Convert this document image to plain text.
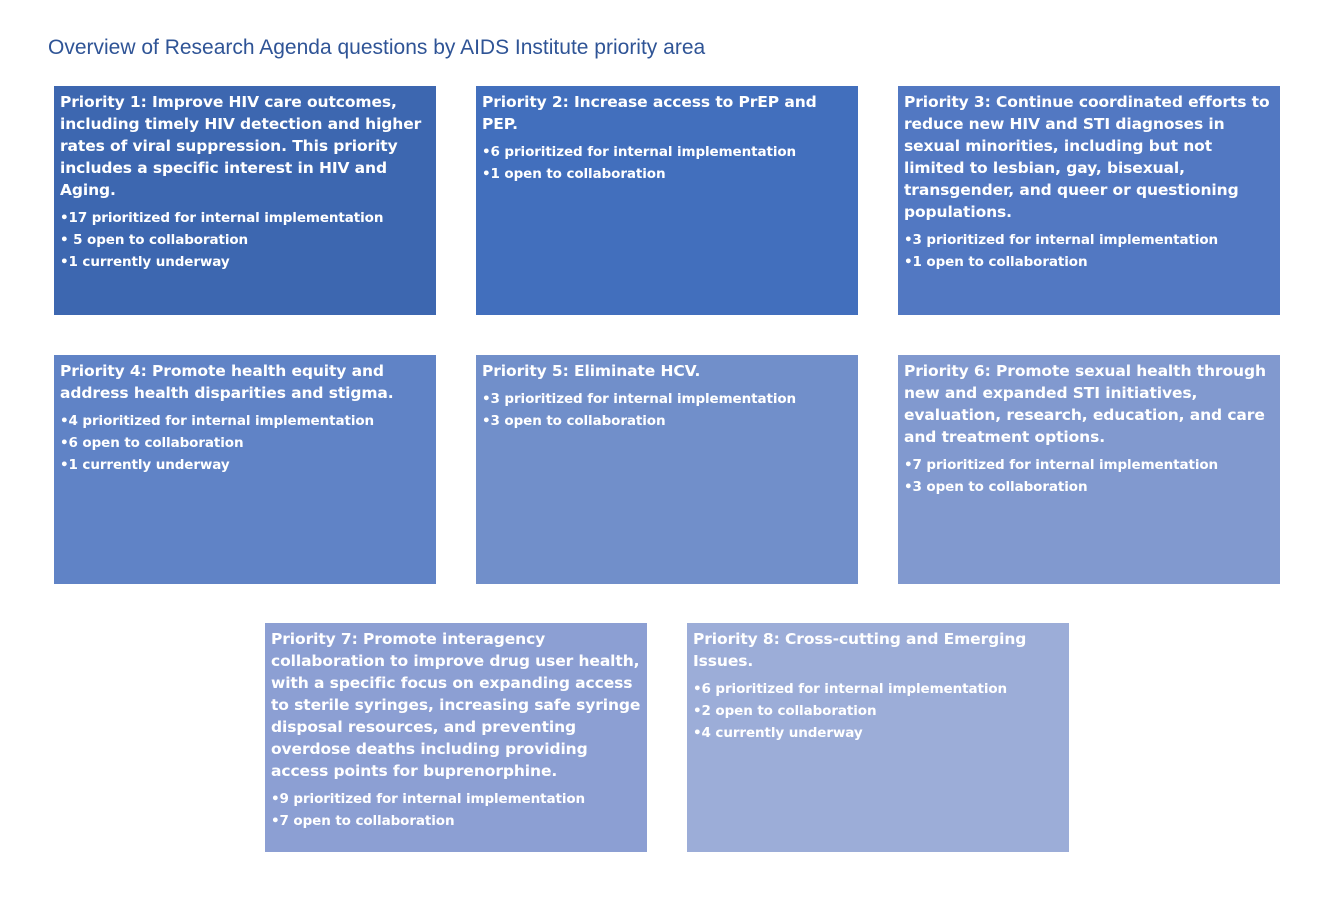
Overview of Research Agenda questions by AIDS Institute priority area
Priority 1: Improve HIV care outcomes, including timely HIV detection and higher rates of viral suppression. This priority includes a specific interest in HIV and Aging.
• 17 prioritized for internal implementation
• 5 open to collaboration
• 1 currently underway
Priority 2: Increase access to PrEP and PEP.
• 6 prioritized for internal implementation
• 1 open to collaboration
Priority 3: Continue coordinated efforts to reduce new HIV and STI diagnoses in sexual minorities, including but not limited to lesbian, gay, bisexual, transgender, and queer or questioning populations.
• 3 prioritized for internal implementation
• 1 open to collaboration
Priority 4: Promote health equity and address health disparities and stigma.
• 4 prioritized for internal implementation
• 6 open to collaboration
• 1 currently underway
Priority 5: Eliminate HCV.
• 3 prioritized for internal implementation
• 3 open to collaboration
Priority 6: Promote sexual health through new and expanded STI initiatives, evaluation, research, education, and care and treatment options.
• 7 prioritized for internal implementation
• 3 open to collaboration
Priority 7: Promote interagency collaboration to improve drug user health, with a specific focus on expanding access to sterile syringes, increasing safe syringe disposal resources, and preventing overdose deaths including providing access points for buprenorphine.
• 9 prioritized for internal implementation
• 7 open to collaboration
Priority 8: Cross-cutting and Emerging Issues.
• 6 prioritized for internal implementation
• 2 open to collaboration
• 4 currently underway
